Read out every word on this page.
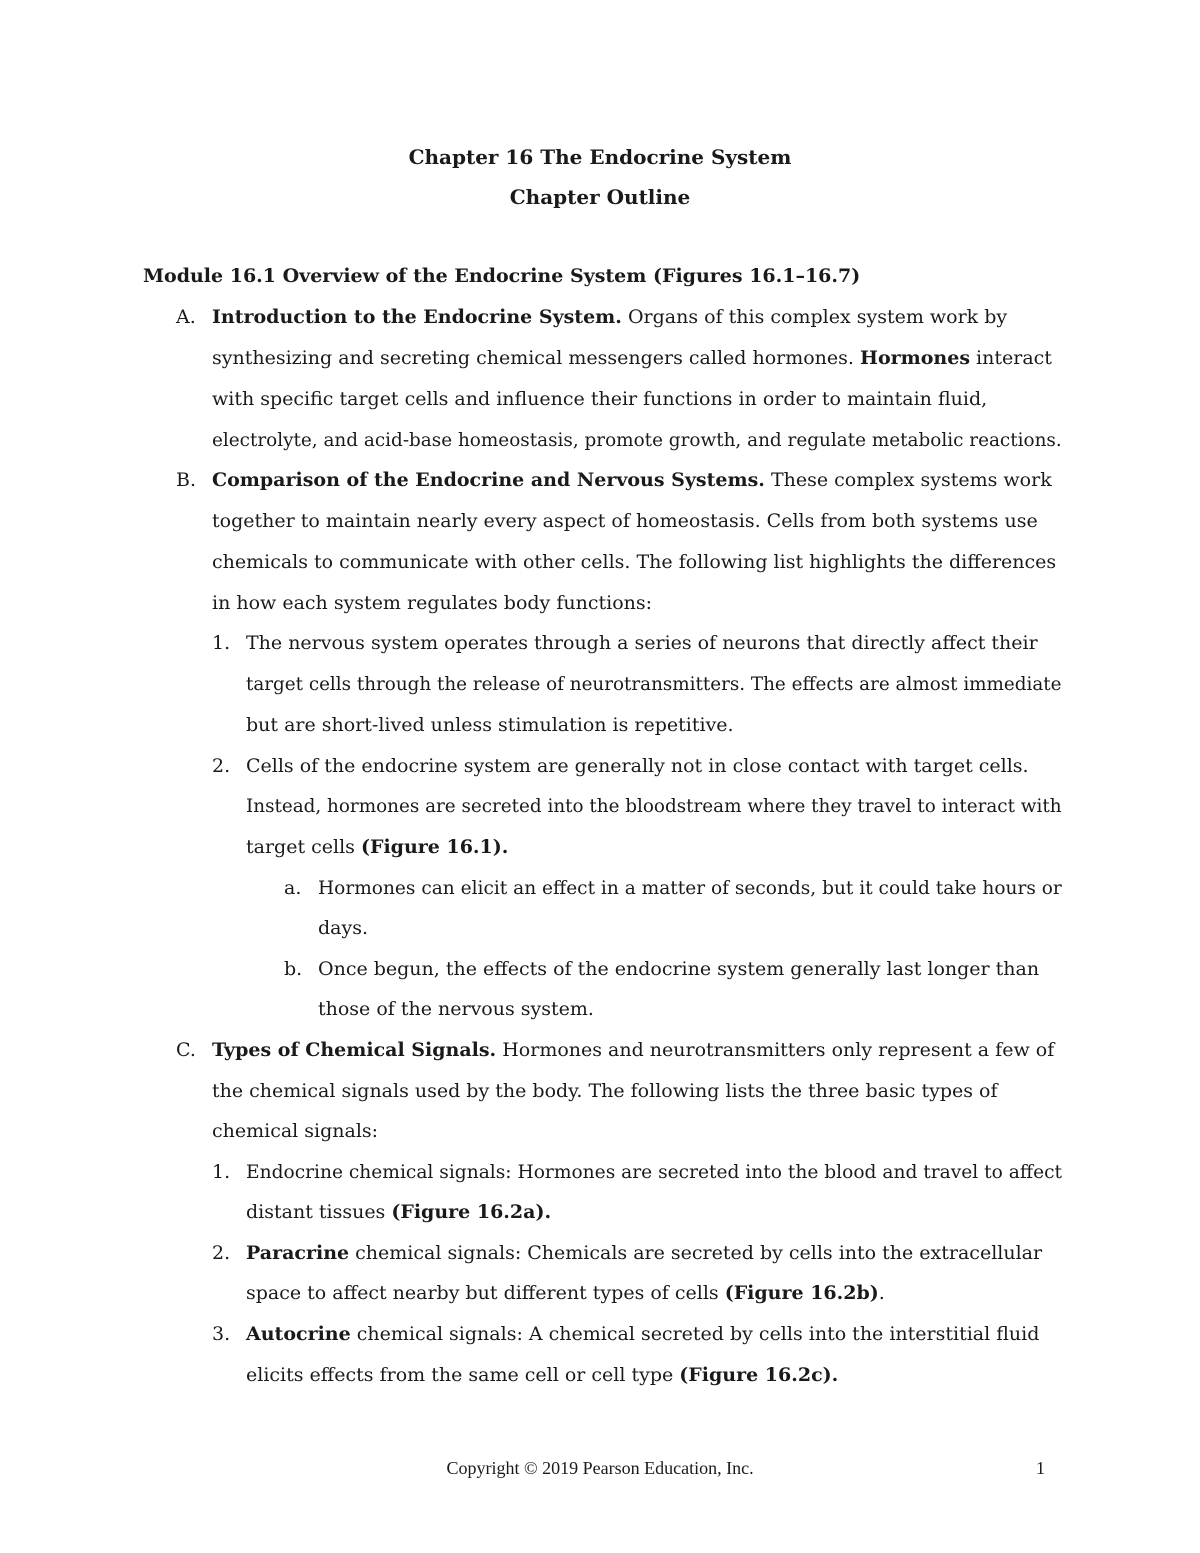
Chapter 16 The Endocrine System
Chapter Outline
Module 16.1 Overview of the Endocrine System (Figures 16.1–16.7)
A. Introduction to the Endocrine System. Organs of this complex system work by
synthesizing and secreting chemical messengers called hormones. Hormones interact
with specific target cells and influence their functions in order to maintain fluid,
electrolyte, and acid-base homeostasis, promote growth, and regulate metabolic reactions.
B. Comparison of the Endocrine and Nervous Systems. These complex systems work
together to maintain nearly every aspect of homeostasis. Cells from both systems use
chemicals to communicate with other cells. The following list highlights the differences
in how each system regulates body functions:
1. The nervous system operates through a series of neurons that directly affect their
target cells through the release of neurotransmitters. The effects are almost immediate
but are short-lived unless stimulation is repetitive.
2. Cells of the endocrine system are generally not in close contact with target cells.
Instead, hormones are secreted into the bloodstream where they travel to interact with
target cells (Figure 16.1).
a. Hormones can elicit an effect in a matter of seconds, but it could take hours or
days.
b. Once begun, the effects of the endocrine system generally last longer than
those of the nervous system.
C. Types of Chemical Signals. Hormones and neurotransmitters only represent a few of
the chemical signals used by the body. The following lists the three basic types of
chemical signals:
1. Endocrine chemical signals: Hormones are secreted into the blood and travel to affect
distant tissues (Figure 16.2a).
2. Paracrine chemical signals: Chemicals are secreted by cells into the extracellular
space to affect nearby but different types of cells (Figure 16.2b).
3. Autocrine chemical signals: A chemical secreted by cells into the interstitial fluid
elicits effects from the same cell or cell type (Figure 16.2c).
Copyright © 2019 Pearson Education, Inc.	1
